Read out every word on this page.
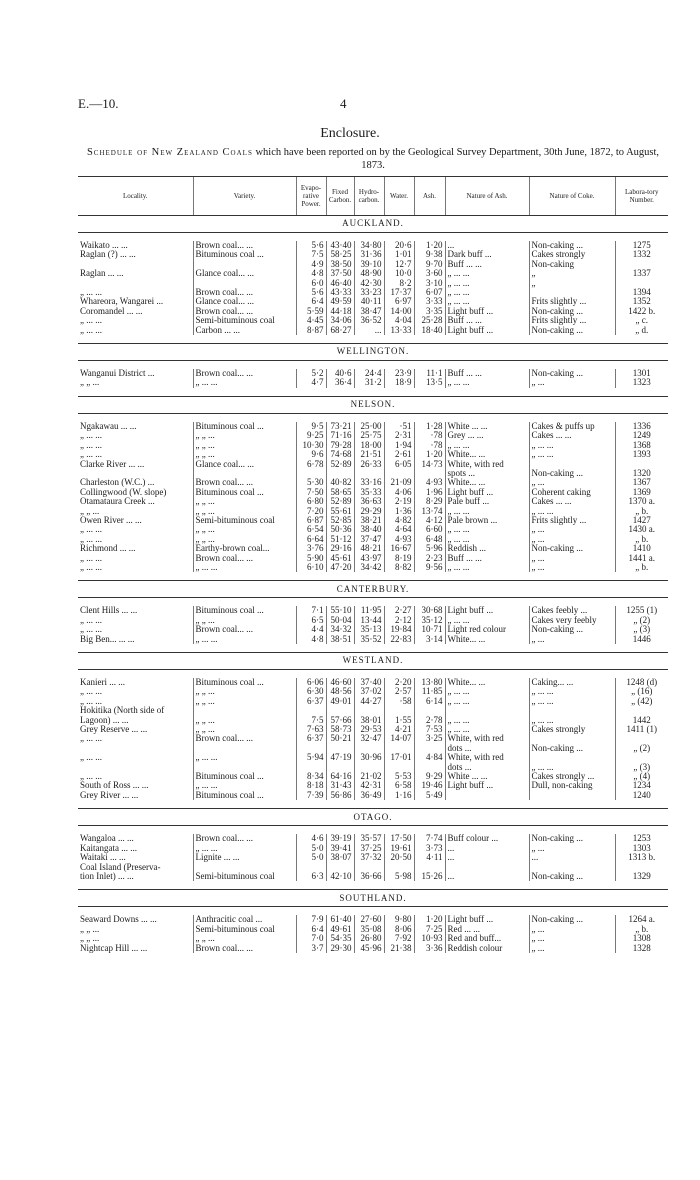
E.—10.	4
Enclosure.
Schedule of New Zealand Coals which have been reported on by the Geological Survey Department, 30th June, 1872, to August, 1873.
Locality.	Variety.	Evapo-rative Power.	Fixed Carbon.	Hydro-carbon.	Water.	Ash.	Nature of Ash.	Nature of Coke.	Labora-tory Number.
AUCKLAND.									

Waikato ... ...	Brown coal... ...	5·6	43·40	34·80	20·6	1·20	...	Non-caking ...	1275
Raglan (?) ... ...	Bituminous coal ...	7·5	58·25	31·36	1·01	9·38	Dark buff ...	Cakes strongly	1332
		4·9	38·50	39·10	12·7	9·70	Buff ... ...	Non-caking	
Raglan ... ...	Glance coal... ...	4·8	37·50	48·90	10·0	3·60	„ ... ...	„	1337
		6·0	46·40	42·30	8·2	3·10	„ ... ...	„	
„ ... ...	Brown coal... ...	5·6	43·33	33·23	17·37	6·07	„ ... ...		1394
Whareora, Wangarei ...	Glance coal... ...	6·4	49·59	40·11	6·97	3·33	„ ... ...	Frits slightly ...	1352
Coromandel ... ...	Brown coal... ...	5·59	44·18	38·47	14·00	3·35	Light buff ...	Non-caking ...	1422 b.
„ ... ...	Semi-bituminous coal	4·45	34·06	36·52	4·04	25·28	Buff ... ...	Frits slightly ...	„ c.
„ ... ...	Carbon ... ...	8·87	68·27	...	13·33	18·40	Light buff ...	Non-caking ...	„ d.

WELLINGTON.									

Wanganui District ...	Brown coal... ...	5·2	40·6	24·4	23·9	11·1	Buff ... ...	Non-caking ...	1301
„ „ ...	„ ... ...	4·7	36·4	31·2	18·9	13·5	„ ... ...	„ ...	1323

NELSON.									

Ngakawau ... ...	Bituminous coal ...	9·5	73·21	25·00	·51	1·28	White ... ...	Cakes & puffs up	1336
„ ... ...	„ „ ...	9·25	71·16	25·75	2·31	·78	Grey ... ...	Cakes ... ...	1249
„ ... ...	„ „ ...	10·30	79·28	18·00	1·94	·78	„ ... ...	„ ... ...	1368
„ ... ...	„ „ ...	9·6	74·68	21·51	2·61	1·20	White... ...	„ ... ...	1393
Clarke River ... ...	Glance coal... ...	6·78	52·89	26·33	6·05	14·73	White, with red		
							spots ...	Non-caking ...	1320
Charleston (W.C.) ...	Brown coal... ...	5·30	40·82	33·16	21·09	4·93	White... ...	„ ...	1367
Collingwood (W. slope)	Bituminous coal ...	7·50	58·65	35·33	4·06	1·96	Light buff ...	Coherent caking	1369
Otamataura Creek ...	„ „ ...	6·80	52·89	36·63	2·19	8·29	Pale buff ...	Cakes ... ...	1370 a.
„ „ ...	„ „ ...	7·20	55·61	29·29	1·36	13·74	„ ... ...	„ ... ...	„ b.
Owen River ... ...	Semi-bituminous coal	6·87	52·85	38·21	4·82	4·12	Pale brown ...	Frits slightly ...	1427
„ ... ...	„ „ ...	6·54	50·36	38·40	4·64	6·60	„ ... ...	„ ...	1430 a.
„ ... ...	„ „ ...	6·64	51·12	37·47	4·93	6·48	„ ... ...	„ ...	„ b.
Richmond ... ...	Earthy-brown coal...	3·76	29·16	48·21	16·67	5·96	Reddish ...	Non-caking ...	1410
„ ... ...	Brown coal... ...	5·90	45·61	43·97	8·19	2·23	Buff ... ...	„ ...	1441 a.
„ ... ...	„ ... ...	6·10	47·20	34·42	8·82	9·56	„ ... ...	„ ...	„ b.

CANTERBURY.									

Clent Hills ... ...	Bituminous coal ...	7·1	55·10	11·95	2·27	30·68	Light buff ...	Cakes feebly ...	1255 (1)
„ ... ...	„ „ ...	6·5	50·04	13·44	2·12	35·12	„ ... ...	Cakes very feebly	„ (2)
„ ... ...	Brown coal... ...	4·4	34·32	35·13	19·84	10·71	Light red colour	Non-caking ...	„ (3)
Big Ben... ... ...	„ ... ...	4·8	38·51	35·52	22·83	3·14	White... ...	„ ...	1446

WESTLAND.									

Kanieri ... ...	Bituminous coal ...	6·06	46·60	37·40	2·20	13·80	White... ...	Caking... ...	1248 (d)
„ ... ...	„ „ ...	6·30	48·56	37·02	2·57	11·85	„ ... ...	„ ... ...	„ (16)
„ ... ...	„ „ ...	6·37	49·01	44·27	·58	6·14	„ ... ...	„ ... ...	„ (42)
Hokitika (North side of									
Lagoon) ... ...	„ „ ...	7·5	57·66	38·01	1·55	2·78	„ ... ...	„ ... ...	1442
Grey Reserve ... ...	„ „ ...	7·63	58·73	29·53	4·21	7·53	„ ... ...	Cakes strongly	1411 (1)
„ ... ...	Brown coal... ...	6·37	50·21	32·47	14·07	3·25	White, with red		
							dots ...	Non-caking ...	„ (2)
„ ... ...	„ ... ...	5·94	47·19	30·96	17·01	4·84	White, with red		
							dots ...	„ ... ...	„ (3)
„ ... ...	Bituminous coal ...	8·34	64·16	21·02	5·53	9·29	White ... ...	Cakes strongly ...	„ (4)
South of Ross ... ...	„ ... ...	8·18	31·43	42·31	6·58	19·46	Light buff ...	Dull, non-caking	1234
Grey River ... ...	Bituminous coal ...	7·39	56·86	36·49	1·16	5·49			1240

OTAGO.									

Wangaloa ... ...	Brown coal... ...	4·6	39·19	35·57	17·50	7·74	Buff colour ...	Non-caking ...	1253
Kaitangata ... ...	„ ... ...	5·0	39·41	37·25	19·61	3·73	...	„ ...	1303
Waitaki ... ...	Lignite ... ...	5·0	38·07	37·32	20·50	4·11	...	...	1313 b.
Coal Island (Preserva-									
tion Inlet) ... ...	Semi-bituminous coal	6·3	42·10	36·66	5·98	15·26	...	Non-caking ...	1329

SOUTHLAND.									

Seaward Downs ... ...	Anthracitic coal ...	7·9	61·40	27·60	9·80	1·20	Light buff ...	Non-caking ...	1264 a.
„ „ ...	Semi-bituminous coal	6·4	49·61	35·08	8·06	7·25	Red ... ...	„ ...	„ b.
„ „ ...	„ „ ...	7·0	54·35	26·80	7·92	10·93	Red and buff...	„ ...	1308
Nightcap Hill ... ...	Brown coal... ...	3·7	29·30	45·96	21·38	3·36	Reddish colour	„ ...	1328
